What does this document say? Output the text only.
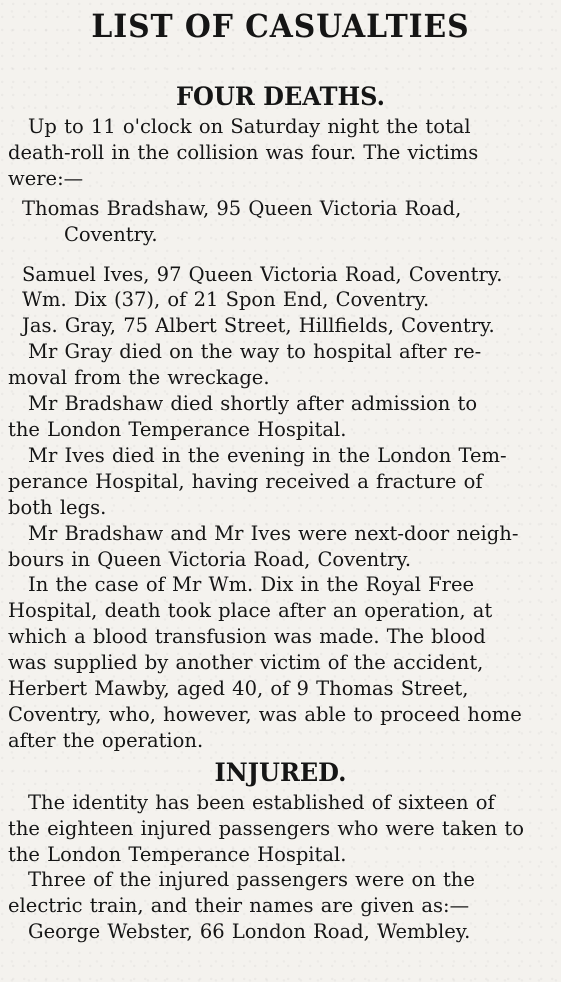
LIST OF CASUALTIES
FOUR DEATHS.
Up to 11 o'clock on Saturday night the total
death-roll in the collision was four. The victims
were:—
Thomas Bradshaw, 95 Queen Victoria Road,
Coventry.
Samuel Ives, 97 Queen Victoria Road, Coventry.
Wm. Dix (37), of 21 Spon End, Coventry.
Jas. Gray, 75 Albert Street, Hillfields, Coventry.
Mr Gray died on the way to hospital after re-
moval from the wreckage.
Mr Bradshaw died shortly after admission to
the London Temperance Hospital.
Mr Ives died in the evening in the London Tem-
perance Hospital, having received a fracture of
both legs.
Mr Bradshaw and Mr Ives were next-door neigh-
bours in Queen Victoria Road, Coventry.
In the case of Mr Wm. Dix in the Royal Free
Hospital, death took place after an operation, at
which a blood transfusion was made. The blood
was supplied by another victim of the accident,
Herbert Mawby, aged 40, of 9 Thomas Street,
Coventry, who, however, was able to proceed home
after the operation.
INJURED.
The identity has been established of sixteen of
the eighteen injured passengers who were taken to
the London Temperance Hospital.
Three of the injured passengers were on the
electric train, and their names are given as:—
George Webster, 66 London Road, Wembley.
